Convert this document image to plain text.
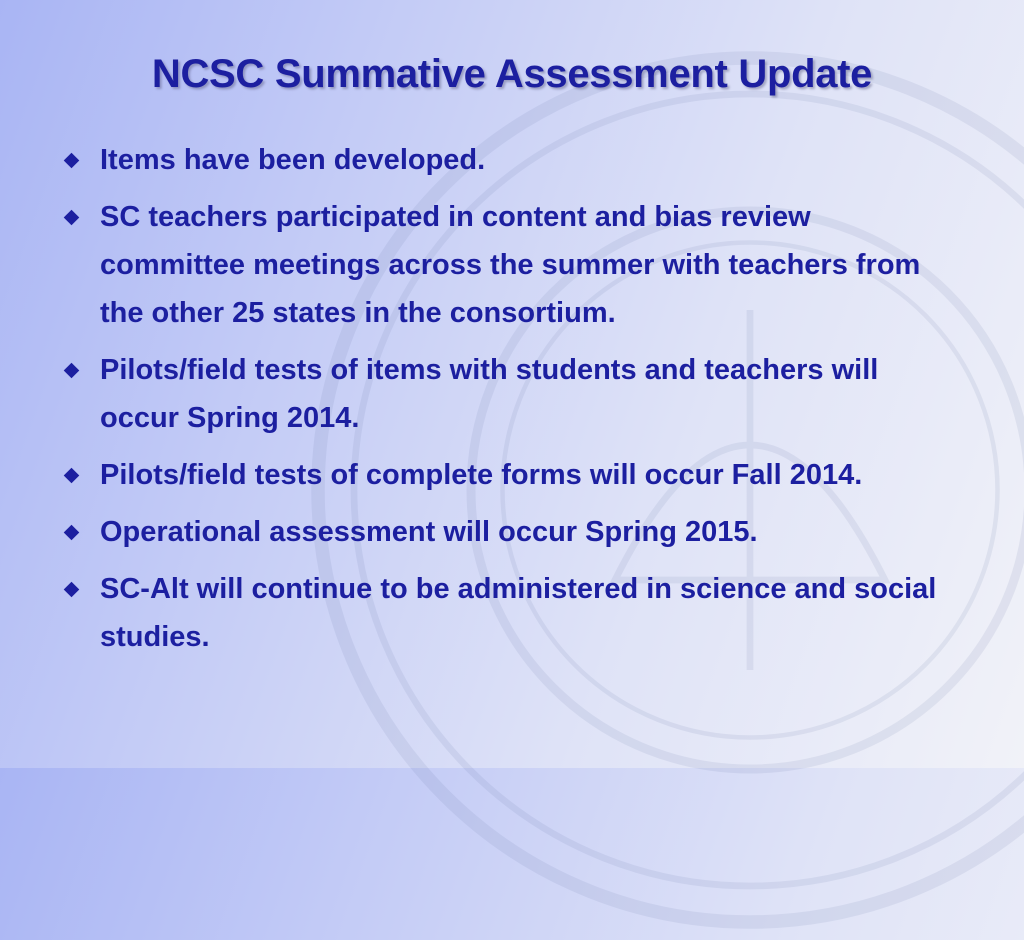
NCSC Summative Assessment Update
Items have been developed.
SC teachers participated in content and bias review committee meetings across the summer with teachers from the other 25 states in the consortium.
Pilots/field tests of items with students and teachers will occur Spring 2014.
Pilots/field tests of complete forms will occur Fall 2014.
Operational assessment will occur Spring 2015.
SC-Alt will continue to be administered in science and social studies.
